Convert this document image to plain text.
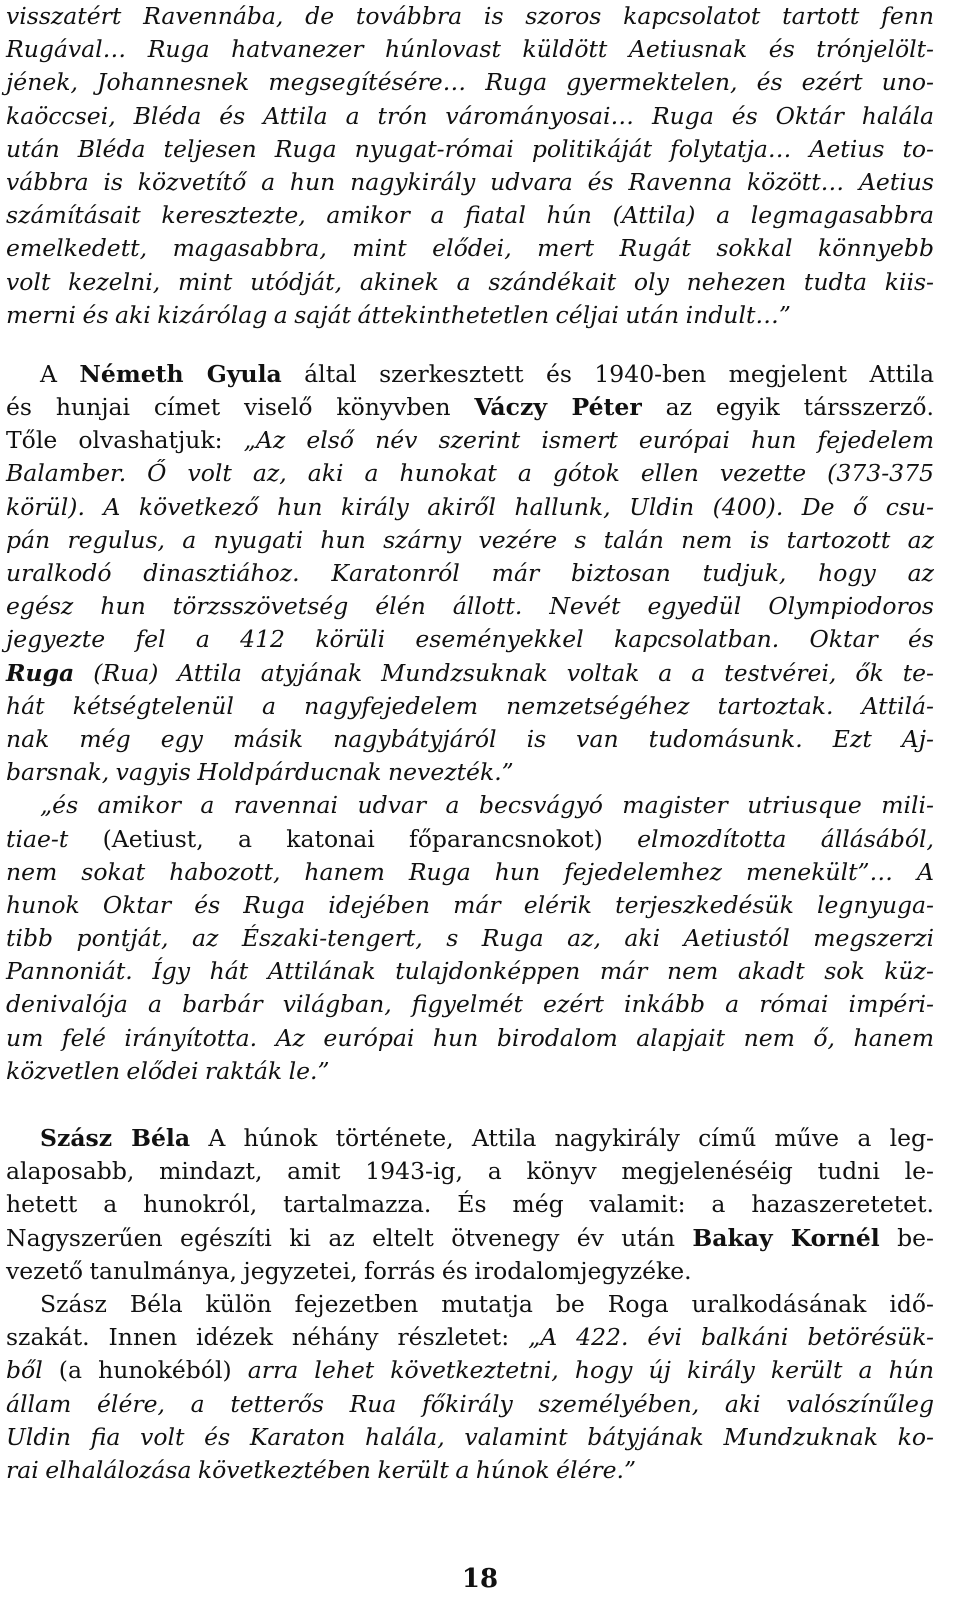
visszatért Ravennába, de továbbra is szoros kapcsolatot tartott fenn
Rugával… Ruga hatvanezer húnlovast küldött Aetiusnak és trónjelölt-
jének, Johannesnek megsegítésére… Ruga gyermektelen, és ezért uno-
kaöccsei, Bléda és Attila a trón várományosai… Ruga és Oktár halála
után Bléda teljesen Ruga nyugat-római politikáját folytatja… Aetius to-
vábbra is közvetítő a hun nagykirály udvara és Ravenna között… Aetius
számításait keresztezte, amikor a fiatal hún (Attila) a legmagasabbra
emelkedett, magasabbra, mint elődei, mert Rugát sokkal könnyebb
volt kezelni, mint utódját, akinek a szándékait oly nehezen tudta kiis-
merni és aki kizárólag a saját áttekinthetetlen céljai után indult…”
A Németh Gyula által szerkesztett és 1940-ben megjelent Attila
és hunjai címet viselő könyvben Váczy Péter az egyik társszerző.
Tőle olvashatjuk: „Az első név szerint ismert európai hun fejedelem
Balamber. Ő volt az, aki a hunokat a gótok ellen vezette (373-375
körül). A következő hun király akiről hallunk, Uldin (400). De ő csu-
pán regulus, a nyugati hun szárny vezére s talán nem is tartozott az
uralkodó dinasztiához. Karatonról már biztosan tudjuk, hogy az
egész hun törzsszövetség élén állott. Nevét egyedül Olympiodoros
jegyezte fel a 412 körüli eseményekkel kapcsolatban. Oktar és
Ruga (Rua) Attila atyjának Mundzsuknak voltak a a testvérei, ők te-
hát kétségtelenül a nagyfejedelem nemzetségéhez tartoztak. Attilá-
nak még egy másik nagybátyjáról is van tudomásunk. Ezt Aj-
barsnak, vagyis Holdpárducnak nevezték.”
„és amikor a ravennai udvar a becsvágyó magister utriusque mili-
tiae-t (Aetiust, a katonai főparancsnokot) elmozdította állásából,
nem sokat habozott, hanem Ruga hun fejedelemhez menekült”… A
hunok Oktar és Ruga idejében már elérik terjeszkedésük legnyuga-
tibb pontját, az Északi-tengert, s Ruga az, aki Aetiustól megszerzi
Pannoniát. Így hát Attilának tulajdonképpen már nem akadt sok küz-
denivalója a barbár világban, figyelmét ezért inkább a római impéri-
um felé irányította. Az európai hun birodalom alapjait nem ő, hanem
közvetlen elődei rakták le.”
Szász Béla A húnok története, Attila nagykirály című műve a leg-
alaposabb, mindazt, amit 1943-ig, a könyv megjelenéséig tudni le-
hetett a hunokról, tartalmazza. És még valamit: a hazaszeretetet.
Nagyszerűen egészíti ki az eltelt ötvenegy év után Bakay Kornél be-
vezető tanulmánya, jegyzetei, forrás és irodalomjegyzéke.
Szász Béla külön fejezetben mutatja be Roga uralkodásának idő-
szakát. Innen idézek néhány részletet: „A 422. évi balkáni betörésük-
ből (a hunokéból) arra lehet következtetni, hogy új király került a hún
állam élére, a tetterős Rua főkirály személyében, aki valószínűleg
Uldin fia volt és Karaton halála, valamint bátyjának Mundzuknak ko-
rai elhalálozása következtében került a húnok élére.”
18
